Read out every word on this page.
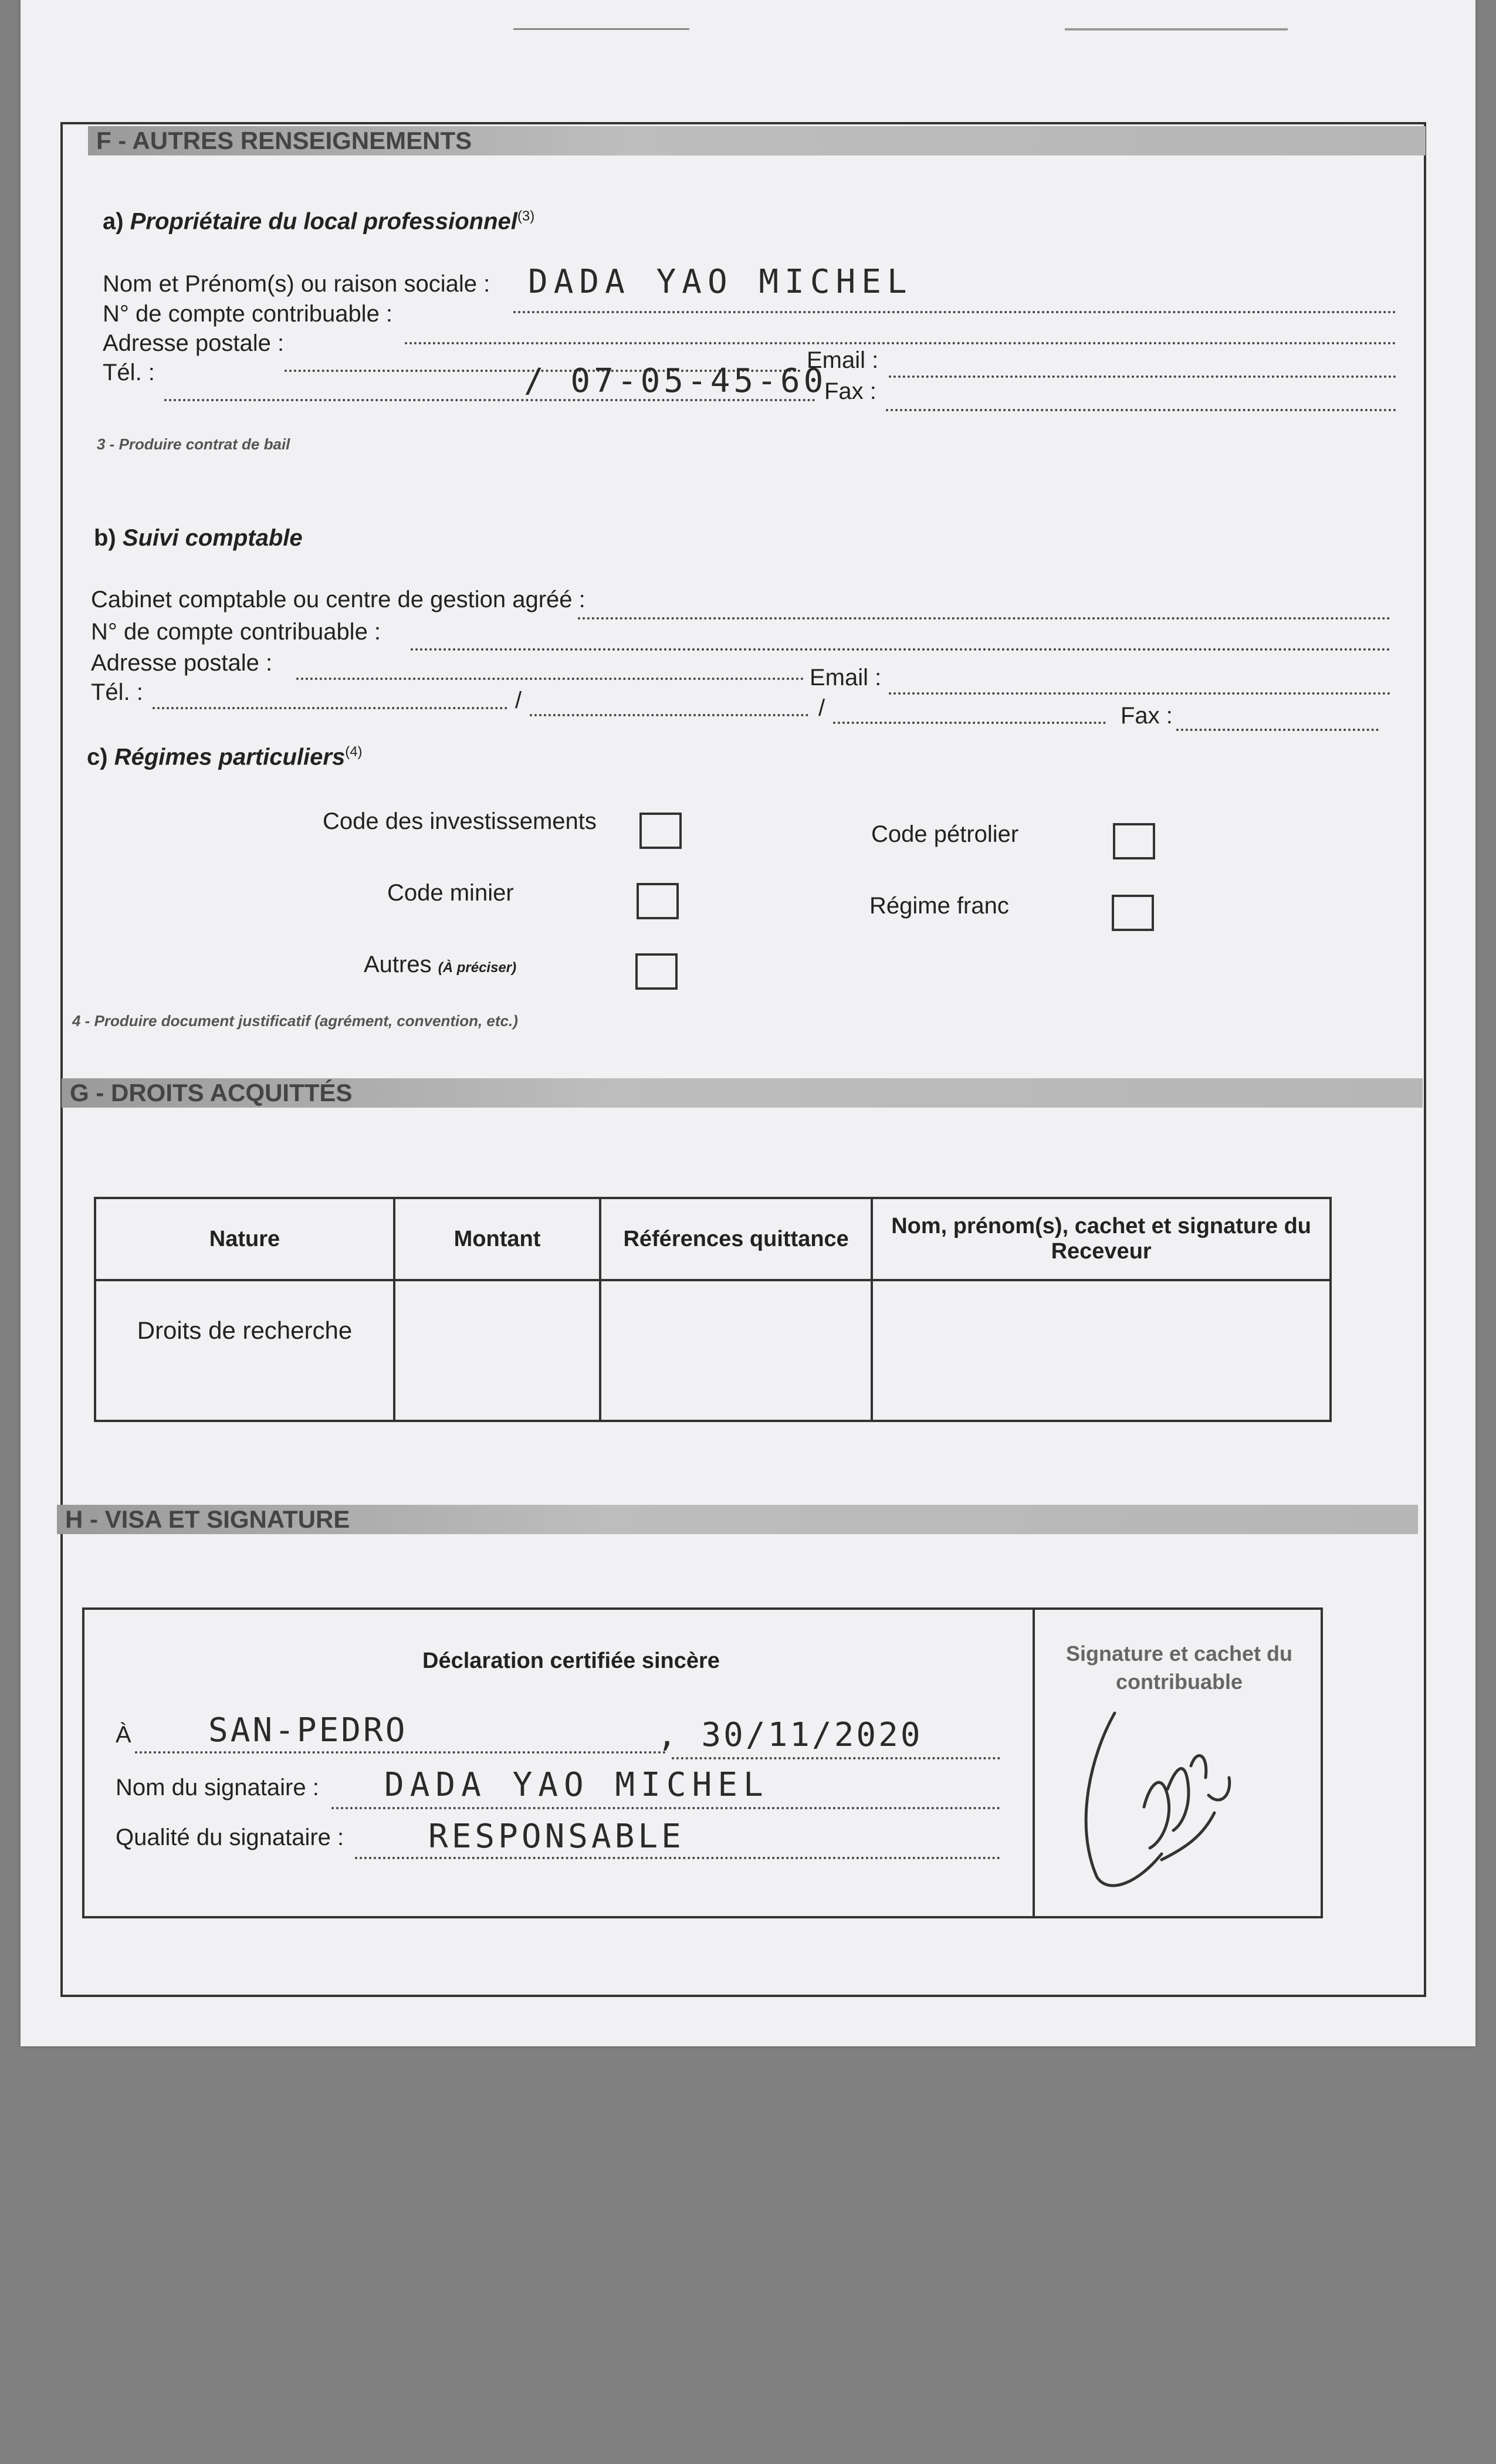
F - AUTRES RENSEIGNEMENTS
a) Propriétaire du local professionnel$^{(3)}$
Nom et Prénom(s) ou raison sociale : DADA YAO MICHEL
N° de compte contribuable :
Adresse postale :
Email :
Tél. :	/ 07-05-45-60
Fax :
3 - Produire contrat de bail
b) Suivi comptable
Cabinet comptable ou centre de gestion agréé :
N° de compte contribuable :
Adresse postale :
Email :
Tél. :	/	/	Fax :
c) Régimes particuliers$^{(4)}$
Code des investissements
Code minier
Autres (À préciser)
Code pétrolier
Régime franc
4 - Produire document justificatif (agrément, convention, etc.)
G - DROITS ACQUITTÉS
Nature	Montant	Références quittance	Nom, prénom(s), cachet et signature du Receveur
Droits de recherche			
H - VISA ET SIGNATURE
Déclaration certifiée sincère
À SAN-PEDRO	, 30/11/2020
Nom du signataire : DADA YAO MICHEL
Qualité du signataire :	RESPONSABLE
Signature et cachet du contribuable
